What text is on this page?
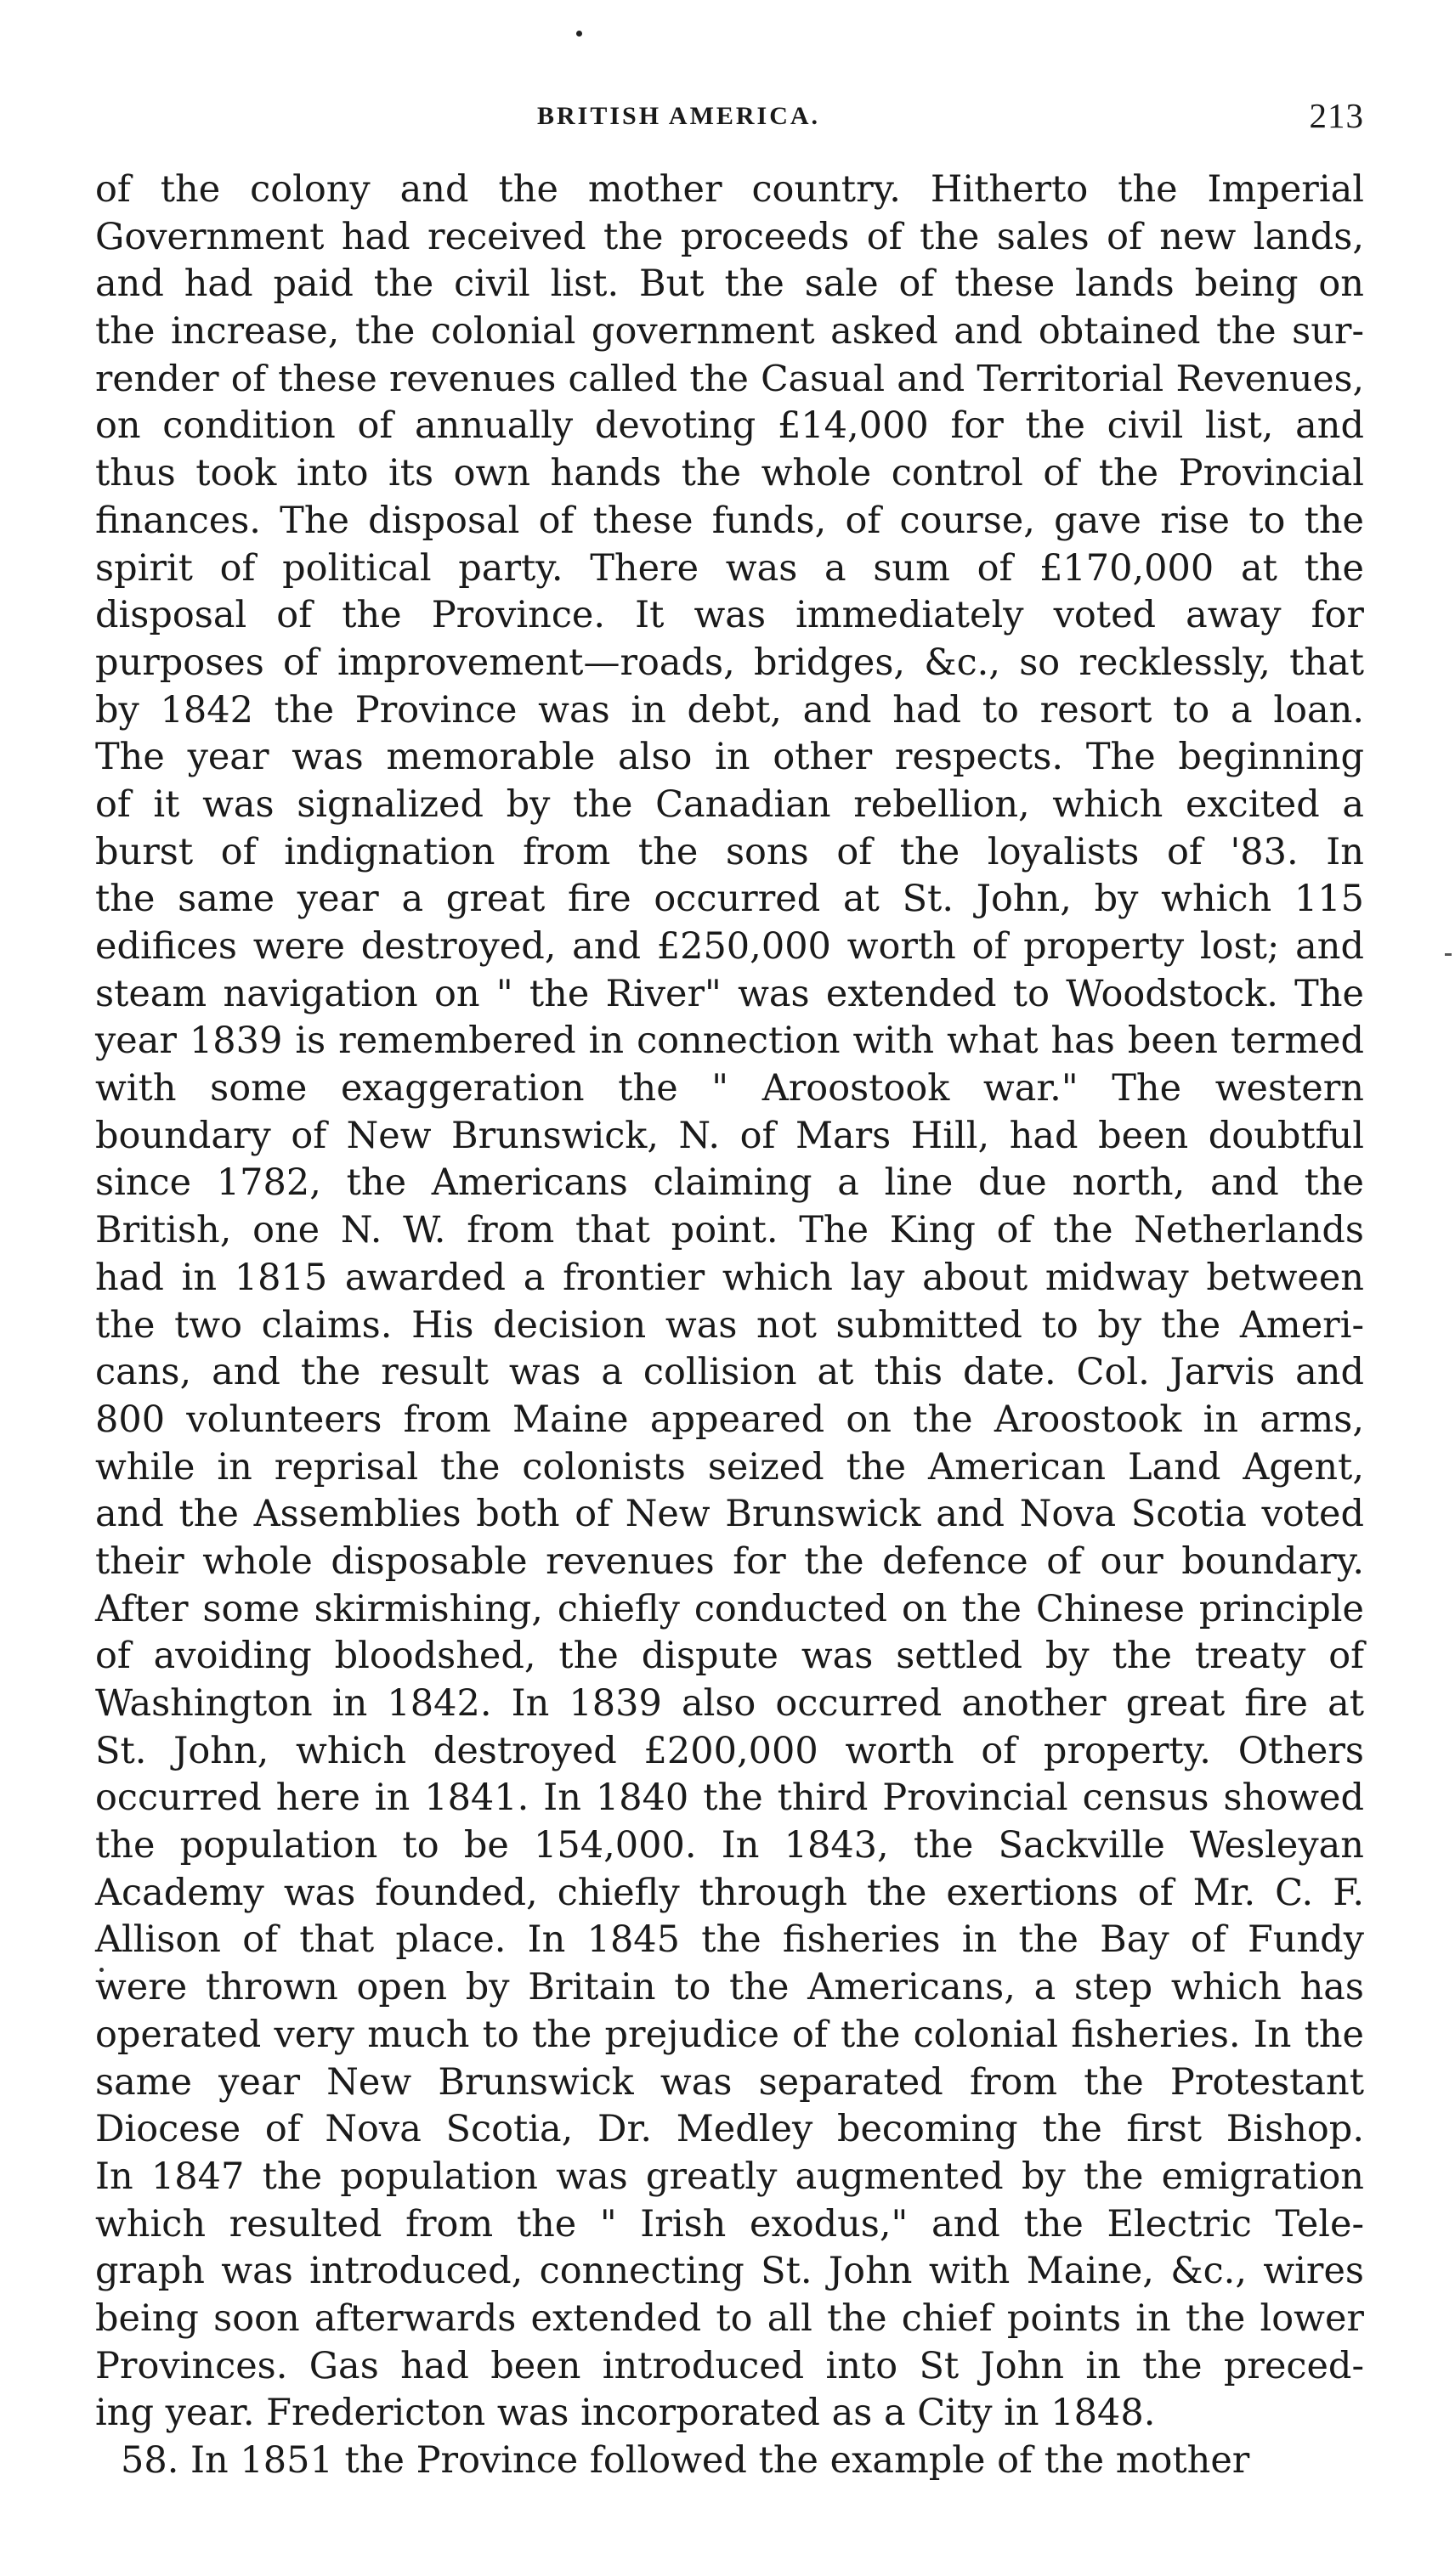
BRITISH AMERICA.	213
of the colony and the mother country. Hitherto the Imperial
Government had received the proceeds of the sales of new lands,
and had paid the civil list. But the sale of these lands being on
the increase, the colonial government asked and obtained the sur-
render of these revenues called the Casual and Territorial Revenues,
on condition of annually devoting £14,000 for the civil list, and
thus took into its own hands the whole control of the Provincial
finances. The disposal of these funds, of course, gave rise to the
spirit of political party. There was a sum of £170,000 at the
disposal of the Province. It was immediately voted away for
purposes of improvement—roads, bridges, &c., so recklessly, that
by 1842 the Province was in debt, and had to resort to a loan.
The year was memorable also in other respects. The beginning
of it was signalized by the Canadian rebellion, which excited a
burst of indignation from the sons of the loyalists of '83. In
the same year a great fire occurred at St. John, by which 115
edifices were destroyed, and £250,000 worth of property lost; and
steam navigation on " the River" was extended to Woodstock. The
year 1839 is remembered in connection with what has been termed
with some exaggeration the " Aroostook war." The western
boundary of New Brunswick, N. of Mars Hill, had been doubtful
since 1782, the Americans claiming a line due north, and the
British, one N. W. from that point. The King of the Netherlands
had in 1815 awarded a frontier which lay about midway between
the two claims. His decision was not submitted to by the Ameri-
cans, and the result was a collision at this date. Col. Jarvis and
800 volunteers from Maine appeared on the Aroostook in arms,
while in reprisal the colonists seized the American Land Agent,
and the Assemblies both of New Brunswick and Nova Scotia voted
their whole disposable revenues for the defence of our boundary.
After some skirmishing, chiefly conducted on the Chinese principle
of avoiding bloodshed, the dispute was settled by the treaty of
Washington in 1842. In 1839 also occurred another great fire at
St. John, which destroyed £200,000 worth of property. Others
occurred here in 1841. In 1840 the third Provincial census showed
the population to be 154,000. In 1843, the Sackville Wesleyan
Academy was founded, chiefly through the exertions of Mr. C. F.
Allison of that place. In 1845 the fisheries in the Bay of Fundy
were thrown open by Britain to the Americans, a step which has
operated very much to the prejudice of the colonial fisheries. In the
same year New Brunswick was separated from the Protestant
Diocese of Nova Scotia, Dr. Medley becoming the first Bishop.
In 1847 the population was greatly augmented by the emigration
which resulted from the " Irish exodus," and the Electric Tele-
graph was introduced, connecting St. John with Maine, &c., wires
being soon afterwards extended to all the chief points in the lower
Provinces. Gas had been introduced into St John in the preced-
ing year. Fredericton was incorporated as a City in 1848.
58. In 1851 the Province followed the example of the mother
